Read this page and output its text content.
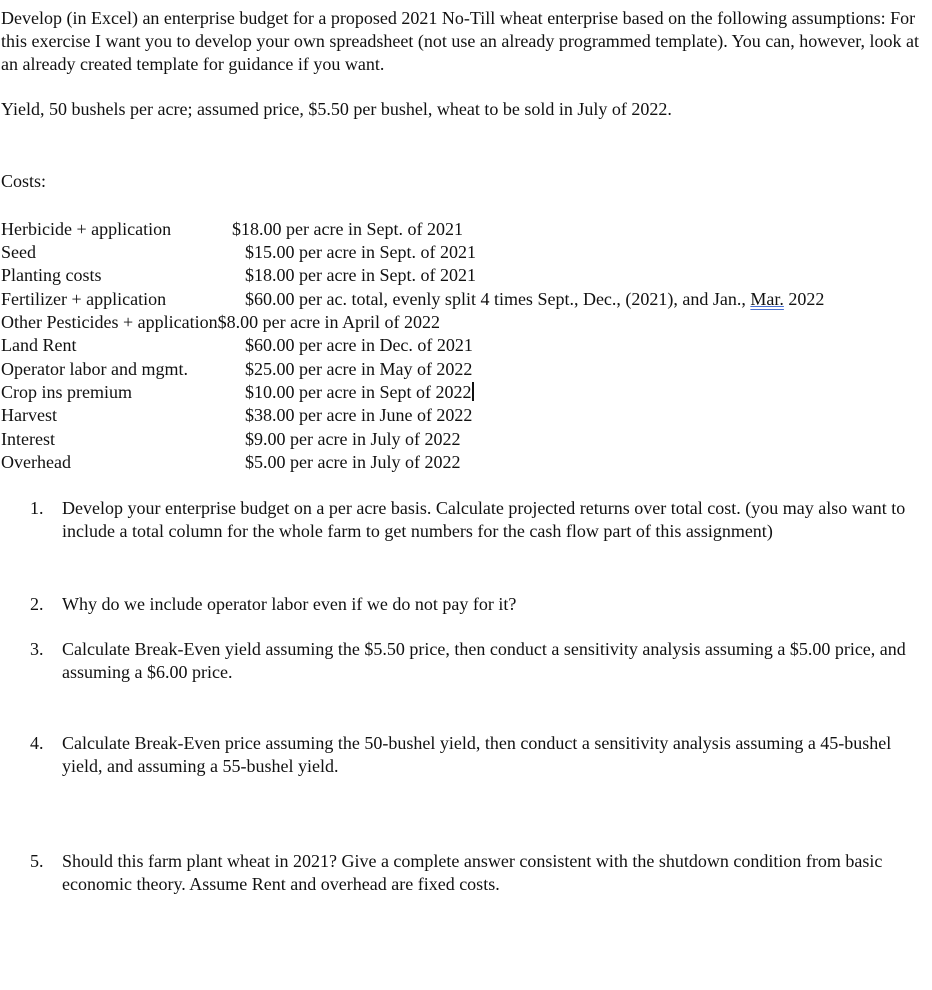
Develop (in Excel) an enterprise budget for a proposed 2021 No-Till wheat enterprise based on the following assumptions: For this exercise I want you to develop your own spreadsheet (not use an already programmed template). You can, however, look at an already created template for guidance if you want.
Yield, 50 bushels per acre; assumed price, $5.50 per bushel, wheat to be sold in July of 2022.
Costs:
Herbicide + application	$18.00 per acre in Sept. of 2021
Seed	$15.00 per acre in Sept. of 2021
Planting costs	$18.00 per acre in Sept. of 2021
Fertilizer + application	$60.00 per ac. total, evenly split 4 times Sept., Dec., (2021), and Jan., Mar. 2022
Other Pesticides + application$8.00 per acre in April of 2022
Land Rent	$60.00 per acre in Dec. of 2021
Operator labor and mgmt.	$25.00 per acre in May of 2022
Crop ins premium	$10.00 per acre in Sept of 2022
Harvest	$38.00 per acre in June of 2022
Interest	$9.00 per acre in July of 2022
Overhead	$5.00 per acre in July of 2022
1. Develop your enterprise budget on a per acre basis. Calculate projected returns over total cost. (you may also want to include a total column for the whole farm to get numbers for the cash flow part of this assignment)
2. Why do we include operator labor even if we do not pay for it?
3. Calculate Break-Even yield assuming the $5.50 price, then conduct a sensitivity analysis assuming a $5.00 price, and assuming a $6.00 price.
4. Calculate Break-Even price assuming the 50-bushel yield, then conduct a sensitivity analysis assuming a 45-bushel yield, and assuming a 55-bushel yield.
5. Should this farm plant wheat in 2021? Give a complete answer consistent with the shutdown condition from basic economic theory. Assume Rent and overhead are fixed costs.
